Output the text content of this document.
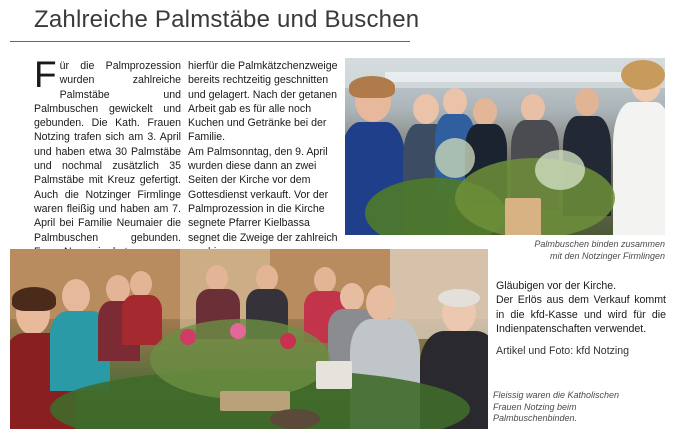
Zahlreiche Palmstäbe und Buschen

Für die Palmprozession wurden zahlreiche Palmstäbe und Palmbuschen gewickelt und gebunden. Die Kath. Frauen Notzing trafen sich am 3. April und haben etwa 30 Palmstäbe und nochmal zusätzlich 35 Palmstäbe mit Kreuz gefertigt. Auch die Notzinger Firmlinge waren fleißig und haben am 7. April bei Familie Neumaier die Palmbuschen gebunden.

hierfür die Palmkätzchenzweige bereits rechtzeitig geschnitten und gelagert. Nach der getanen Arbeit gab es für alle noch Kuchen und Getränke bei der Familie.

Am Palmsonntag, den 9. April wurden diese dann an zwei Seiten der Kirche vor dem Gottesdienst verkauft. Vor der Palmprozession in die Kirche segnete Pfarrer Kielbassa segnet die Zweige der zahlreich

Palmbuschen binden zusammen
mit den Notzinger Firmlingen

Gläubigen vor der Kirche.

Der Erlös aus dem Verkauf kommt in die kfd-Kasse und wird für die Indienpatenschaften verwendet.

Artikel und Foto: kfd Notzing

Fleissig waren die Katholischen
Frauen Notzing beim
Palmbuschenbinden.
